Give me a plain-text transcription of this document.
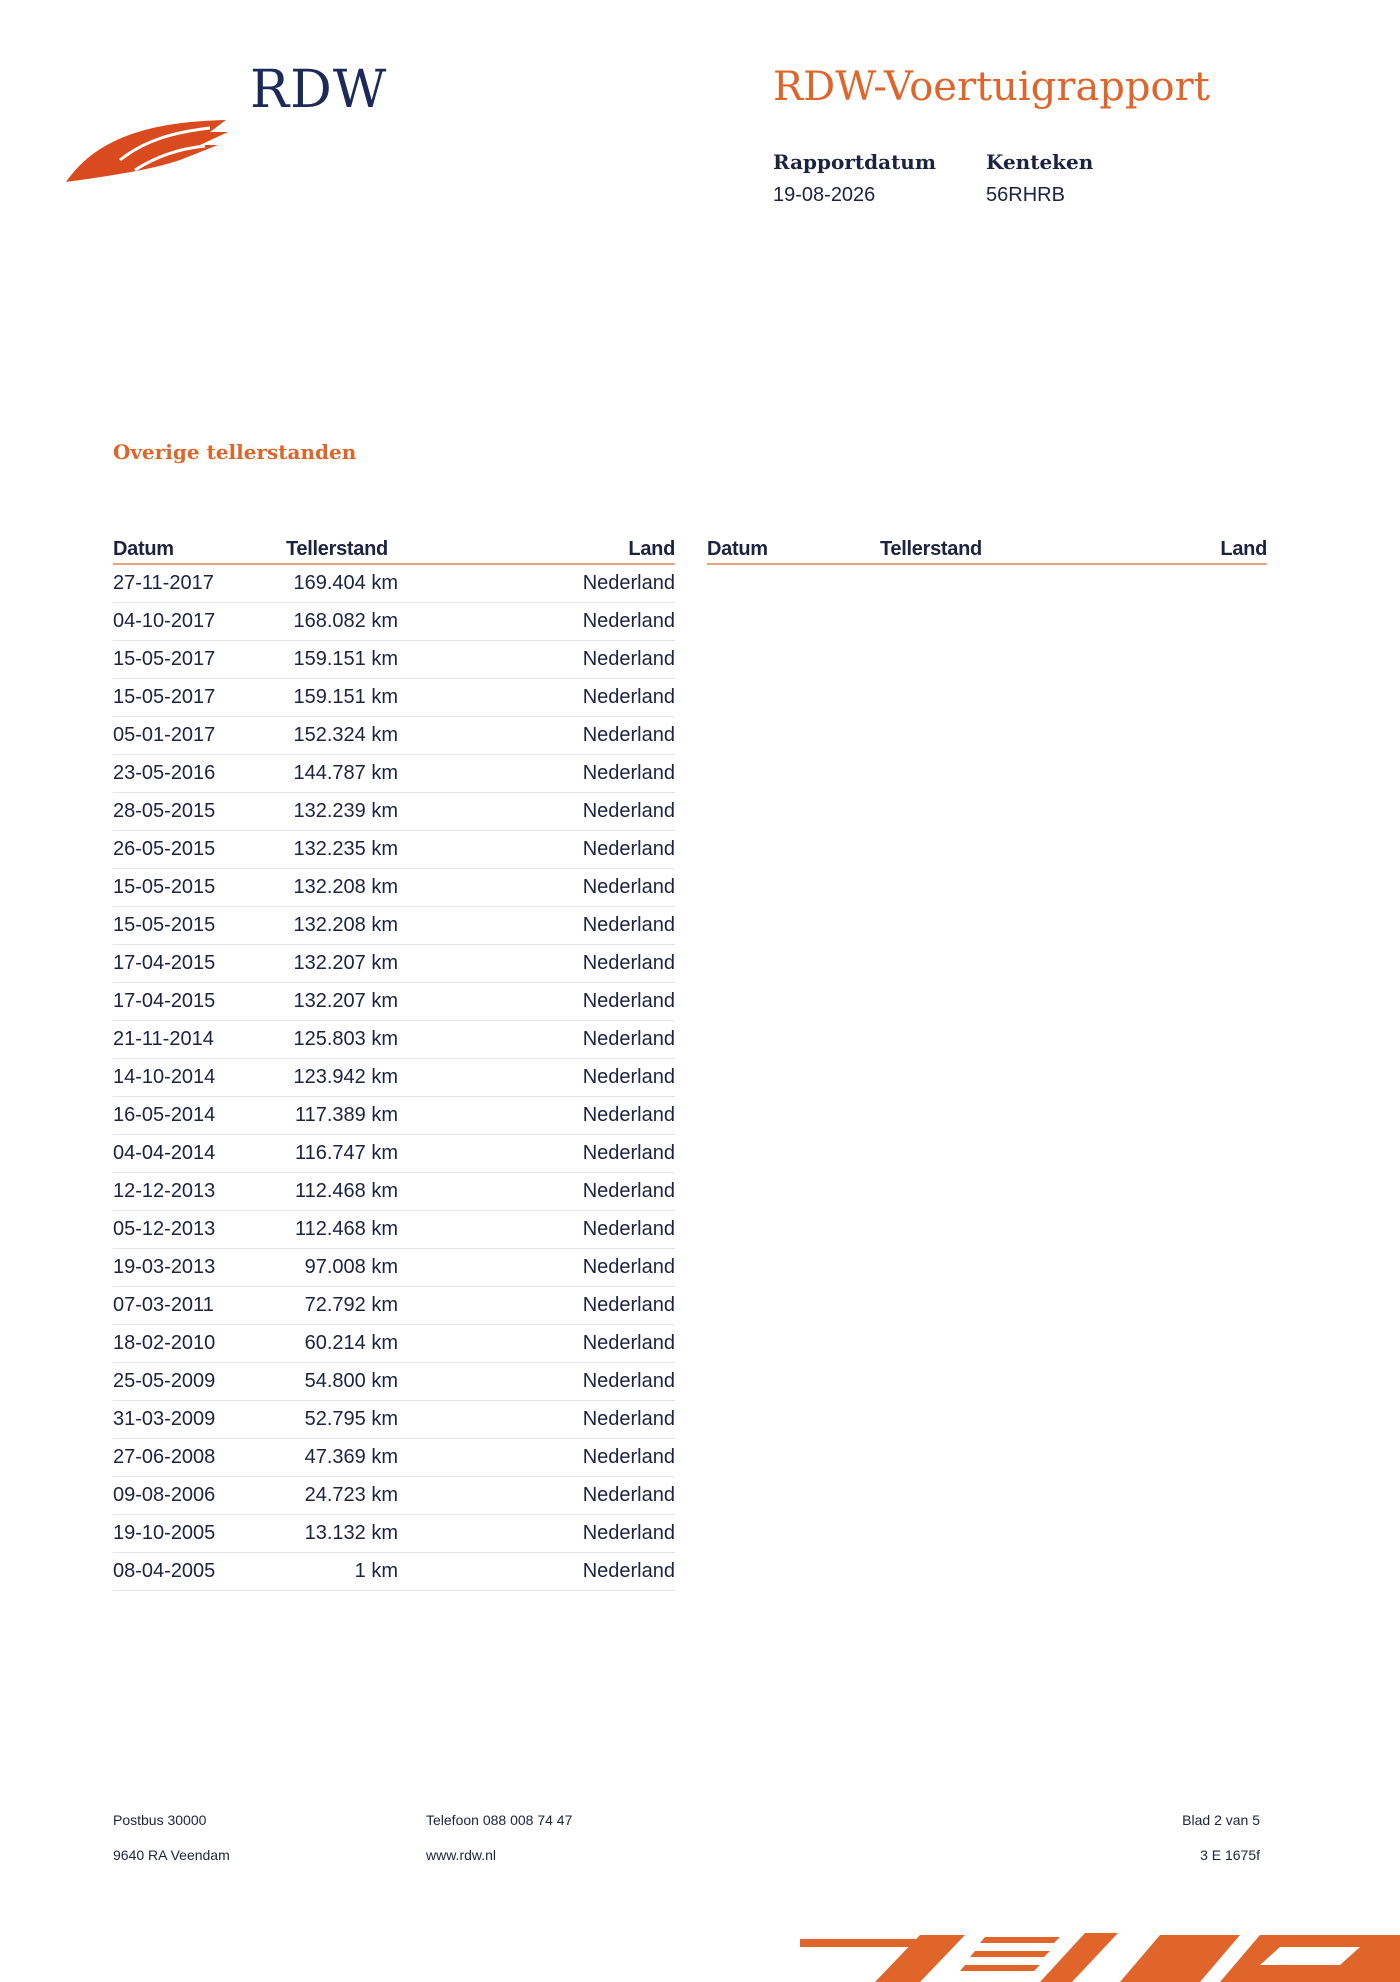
RDW	RDW-Voertuigrapport
Rapportdatum
19-08-2026
Kenteken
56RHRB
Overige tellerstanden
Datum	Tellerstand	Land
27-11-2017	169.404 km	Nederland
04-10-2017	168.082 km	Nederland
15-05-2017	159.151 km	Nederland
15-05-2017	159.151 km	Nederland
05-01-2017	152.324 km	Nederland
23-05-2016	144.787 km	Nederland
28-05-2015	132.239 km	Nederland
26-05-2015	132.235 km	Nederland
15-05-2015	132.208 km	Nederland
15-05-2015	132.208 km	Nederland
17-04-2015	132.207 km	Nederland
17-04-2015	132.207 km	Nederland
21-11-2014	125.803 km	Nederland
14-10-2014	123.942 km	Nederland
16-05-2014	117.389 km	Nederland
04-04-2014	116.747 km	Nederland
12-12-2013	112.468 km	Nederland
05-12-2013	112.468 km	Nederland
19-03-2013	97.008 km	Nederland
07-03-2011	72.792 km	Nederland
18-02-2010	60.214 km	Nederland
25-05-2009	54.800 km	Nederland
31-03-2009	52.795 km	Nederland
27-06-2008	47.369 km	Nederland
09-08-2006	24.723 km	Nederland
19-10-2005	13.132 km	Nederland
08-04-2005	1 km	Nederland
Datum	Tellerstand	Land
Postbus 30000
9640 RA Veendam
Telefoon 088 008 74 47
www.rdw.nl
Blad 2 van 5
3 E 1675f
